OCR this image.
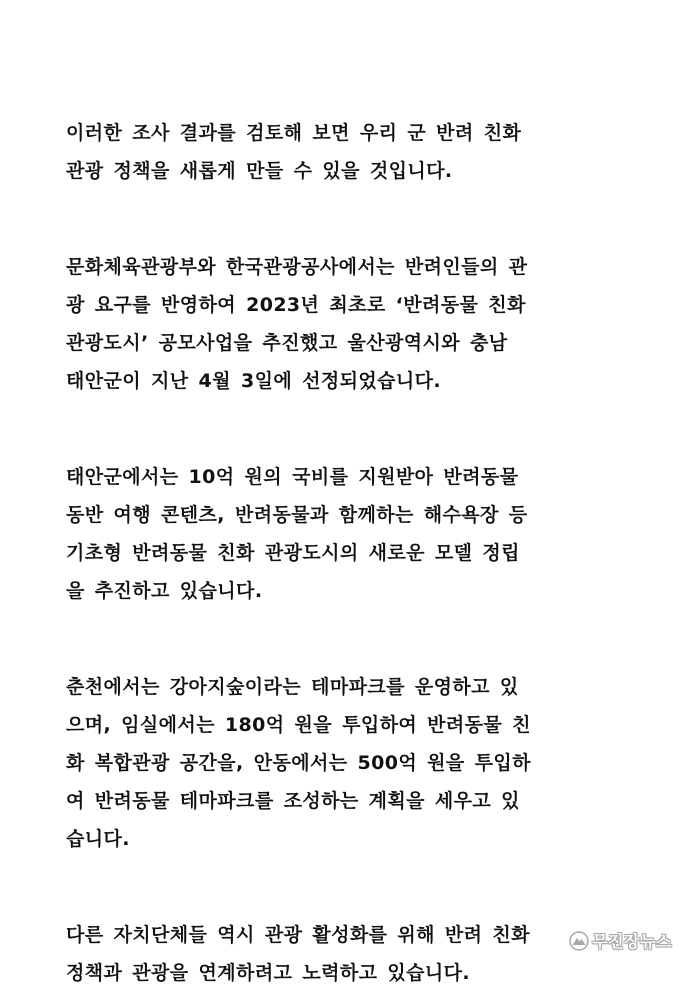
이러한 조사 결과를 검토해 보면 우리 군 반려 친화
관광 정책을 새롭게 만들 수 있을 것입니다.
문화체육관광부와 한국관광공사에서는 반려인들의 관
광 요구를 반영하여 2023년 최초로 ‘반려동물 친화
관광도시’ 공모사업을 추진했고 울산광역시와 충남
태안군이 지난 4월 3일에 선정되었습니다.
태안군에서는 10억 원의 국비를 지원받아 반려동물
동반 여행 콘텐츠, 반려동물과 함께하는 해수욕장 등
기초형 반려동물 친화 관광도시의 새로운 모델 정립
을 추진하고 있습니다.
춘천에서는 강아지숲이라는 테마파크를 운영하고 있
으며, 임실에서는 180억 원을 투입하여 반려동물 친
화 복합관광 공간을, 안동에서는 500억 원을 투입하
여 반려동물 테마파크를 조성하는 계획을 세우고 있
습니다.
다른 자치단체들 역시 관광 활성화를 위해 반려 친화
정책과 관광을 연계하려고 노력하고 있습니다.
무진장뉴스
